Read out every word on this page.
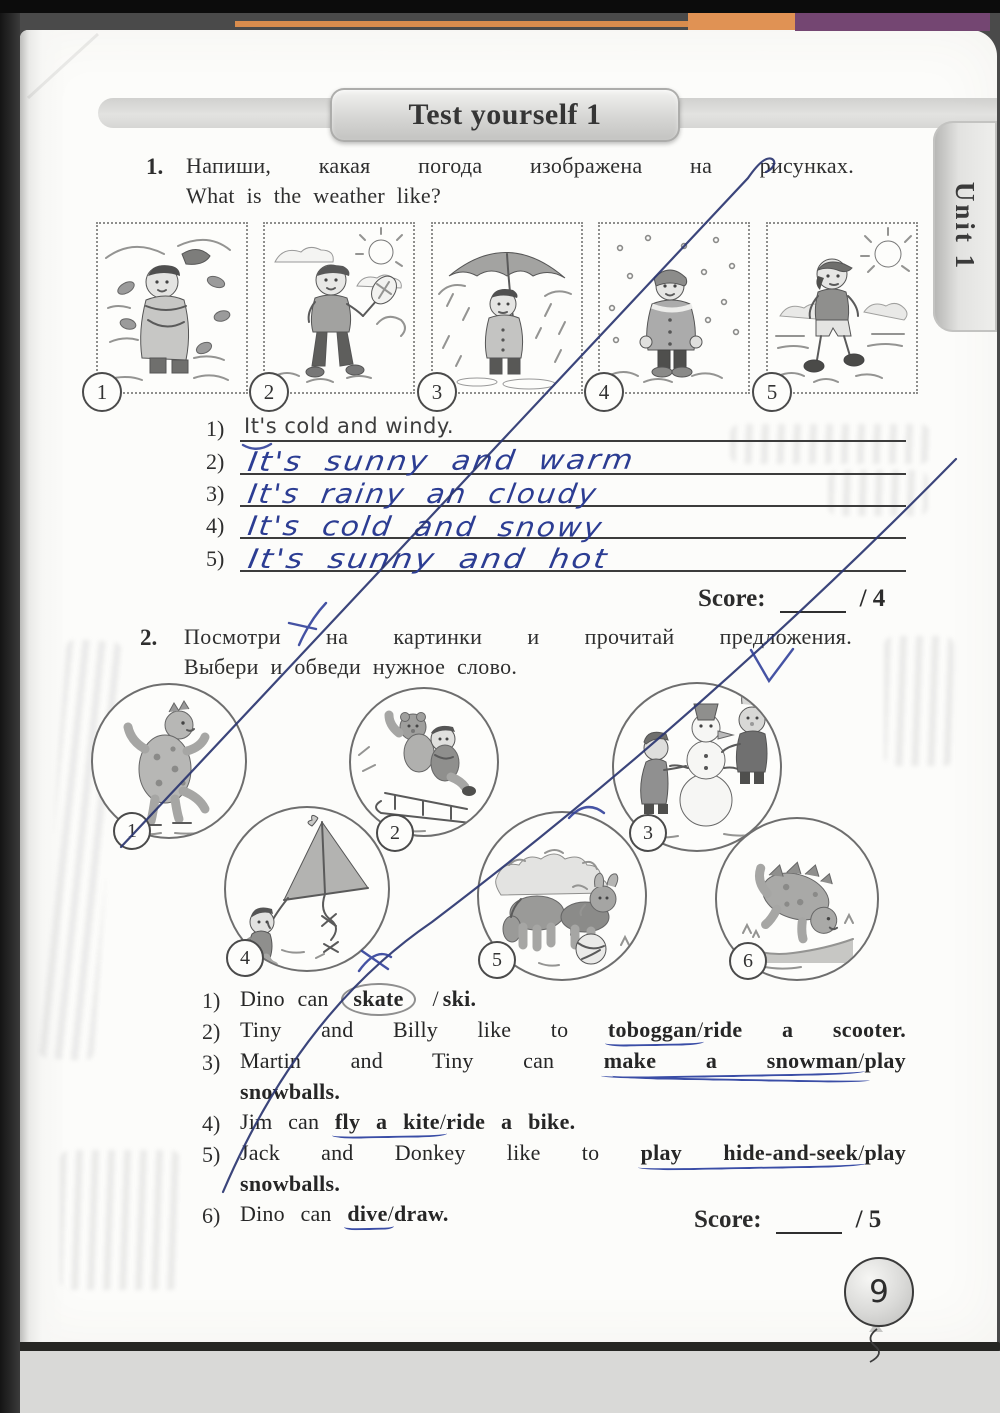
Test yourself 1
Unit 1
1. Напиши, какая погода изображена на рисунках.
What is the weather like?
1	2	3	4	5
1) It's cold and windy.
2) It's sunny and warm
3) It's rainy an cloudy
4) It's cold and snowy
5) It's sunny and hot
Score:	/ 4
2. Посмотри на картинки и прочитай предложения.
Выбери и обведи нужное слово.
1	2	3
4	5	6
1) Dino can skate / ski.
2) Tiny and Billy like to toboggan/ride a scooter.
3) Martin and Tiny can make a snowman/play
snowballs.
4) Jim can fly a kite/ride a bike.
5) Jack and Donkey like to play hide-and-seek/play
snowballs.
6) Dino can dive/draw.	Score:	/ 5
9
